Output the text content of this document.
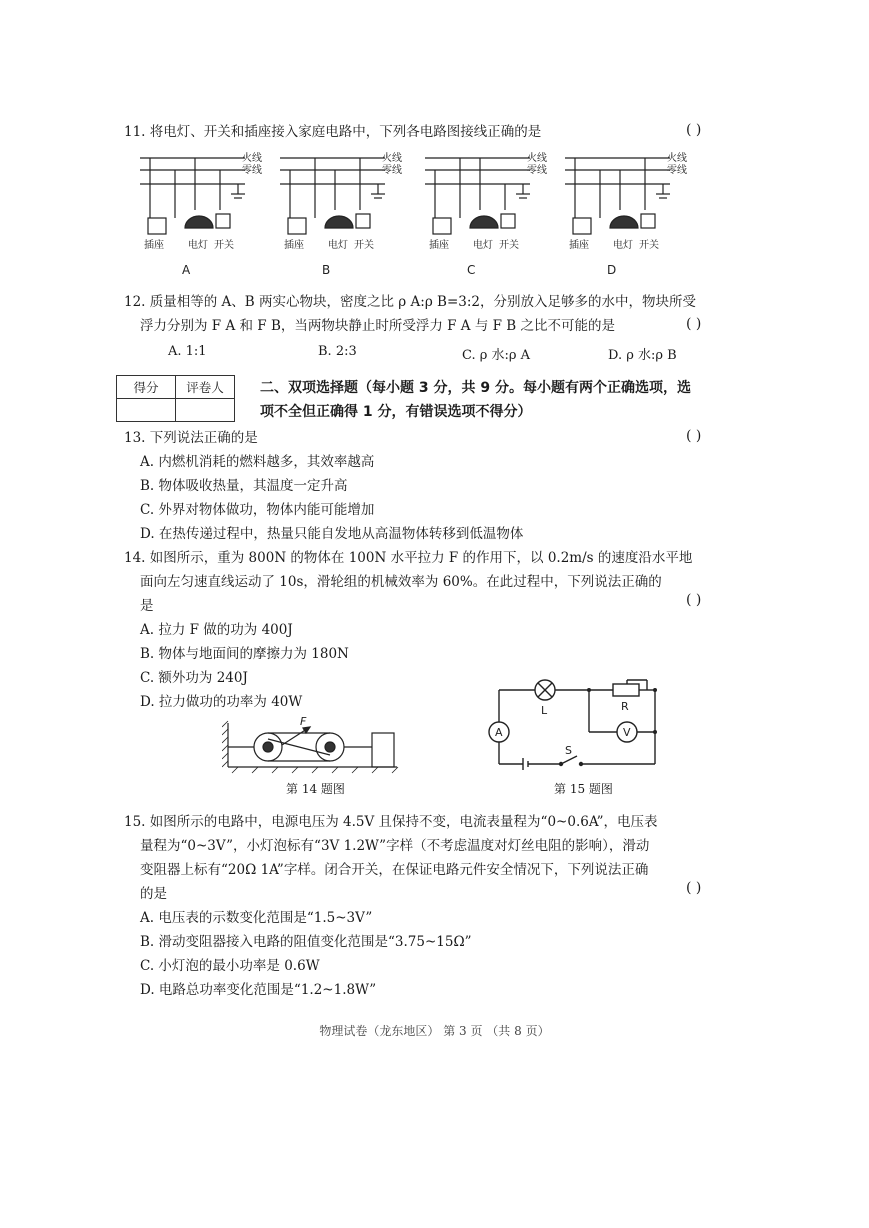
11. 将电灯、开关和插座接入家庭电路中，下列各电路图接线正确的是	( )
火线
零线
火线
零线
火线
零线
火线
零线
插座 电灯 开关	插座 电灯 开关	插座 电灯 开关	插座 电灯 开关
A	B	C	D
12. 质量相等的 A、B 两实心物块，密度之比 ρ A:ρ B=3:2，分别放入足够多的水中，物块所受
浮力分别为 F A 和 F B，当两物块静止时所受浮力 F A 与 F B 之比不可能的是	( )
A. 1:1	B. 2:3	C. ρ 水:ρ A	D. ρ 水:ρ B
得分	评卷人
		二、双项选择题（每小题 3 分，共 9 分。每小题有两个正确选项，选
项不全但正确得 1 分，有错误选项不得分）
13. 下列说法正确的是	( )
A. 内燃机消耗的燃料越多，其效率越高
B. 物体吸收热量，其温度一定升高
C. 外界对物体做功，物体内能可能增加
D. 在热传递过程中，热量只能自发地从高温物体转移到低温物体
14. 如图所示，重为 800N 的物体在 100N 水平拉力 F 的作用下，以 0.2m/s 的速度沿水平地
面向左匀速直线运动了 10s，滑轮组的机械效率为 60%。在此过程中，下列说法正确的
是	( )
A. 拉力 F 做的功为 400J
B. 物体与地面间的摩擦力为 180N
C. 额外功为 240J
D. 拉力做功的功率为 40W
F
第 14 题图
L	R
A	V
S
第 15 题图
15. 如图所示的电路中，电源电压为 4.5V 且保持不变，电流表量程为“0~0.6A”，电压表
量程为“0~3V”，小灯泡标有“3V 1.2W”字样（不考虑温度对灯丝电阻的影响），滑动
变阻器上标有“20Ω 1A”字样。闭合开关，在保证电路元件安全情况下，下列说法正确
的是	( )
A. 电压表的示数变化范围是“1.5~3V”
B. 滑动变阻器接入电路的阻值变化范围是“3.75~15Ω”
C. 小灯泡的最小功率是 0.6W
D. 电路总功率变化范围是“1.2~1.8W”
物理试卷（龙东地区） 第 3 页 （共 8 页）
